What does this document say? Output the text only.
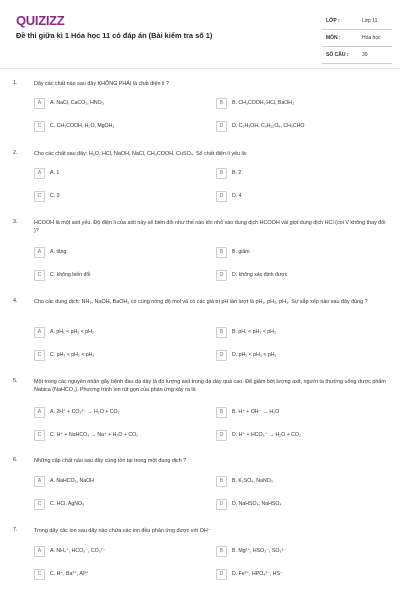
QUIZIZZ
Đề thi giữa kì 1 Hóa học 11 có đáp án (Bài kiểm tra số 1)
LỚP :	Lớp 11
MÔN :	Hóa học
SỐ CÂU :	30
1.	Dãy các chất nào sau đây KHÔNG PHẢI là chất điện li ?
A	A. NaCl, CaCO₃, HNO₃	B	B. CH₃COOH, HCl, BaOH₂
C	C. CH₃COOH, H₂O, MgOH₂	D	D. C₆H₅OH, C₆H₁₂O₆, CH₃CHO
2.	Cho các chất sau đây: H₂O, HCl, NaOH, NaCl, CH₃COOH, CuSO₄. Số chất điện li yếu là:
A	A. 1	B	B. 2
C	C. 3	D	D. 4
3.	HCOOH là một axit yếu. Độ điện li của axit này sẽ biến đổi như thế nào khi nhỏ vào dung dịch HCOOH vài giọt dung dịch HCl (coi V không thay đổi )?
A	A. tăng	B	B. giảm
C	C. không biến đổi	D	D. không xác định được
4.	Cho các dung dịch: NH₃, NaOH, BaOH₂ có cùng nồng độ mol và có các giá trị pH lần lượt là pH₁, pH₂, pH₃. Sự sắp xếp nào sau đây đúng ?
A	A. pH₁ < pH₂ < pH₃	B	B. pH₁ < pH₃ < pH₂
C	C. pH₃ < pH₂ < pH₁	D	D. pH₂ < pH₃ < pH₁
5.	Một trong các nguyên nhân gây bệnh đau dạ dày là do lượng axit trong dạ dày quá cao. Để giảm bớt lượng axit, người ta thường uống dược phẩm Nabica (NaHCO₃). Phương trình ion rút gọn của phản ứng xảy ra là
A	A. 2H⁺ + CO₃²⁻ → H₂O + CO₂	B	B. H⁺ + OH⁻ → H₂O
C	C. H⁺ + NaHCO₃ → Na⁺ + H₂O + CO₂	D	D. H⁺ + HCO₃⁻ → H₂O + CO₂
6.	Những cặp chất nào sau đây cùng tồn tại trong một dung dịch ?
A	A. NaHCO₃, NaOH	B	B. K₂SO₄, NaNO₃
C	C. HCl, AgNO₃	D	D. NaHSO₄, NaHSO₄
7.	Trong dãy các ion sau dãy nào chứa các ion đều phản ứng được với OH⁻
A	A. NH₄⁺, HCO₃⁻, CO₃²⁻	B	B. Mg²⁺, HSO₃⁻, SO₃²⁻
C	C. H⁺, Ba²⁺, Al³⁺	D	D. Fe³⁺, HPO₄²⁻, HS⁻
